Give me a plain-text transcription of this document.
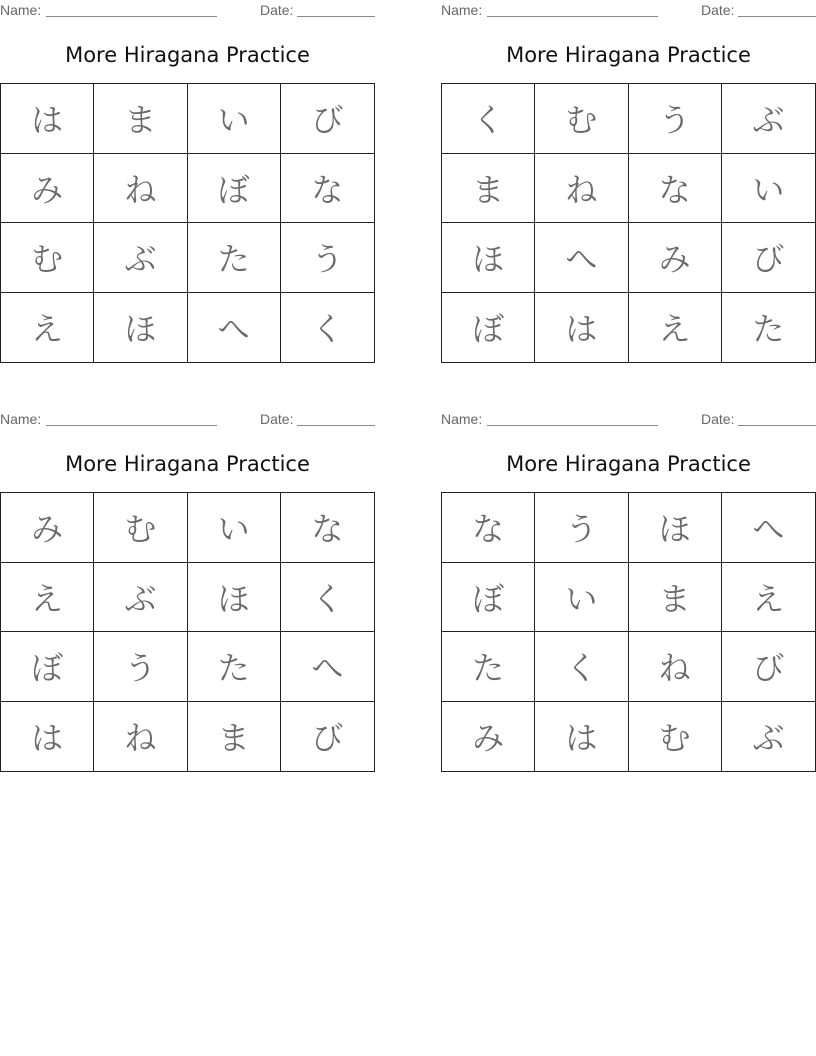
Name:	Date:
More Hiragana Practice
は	ま	い	び
み	ね	ぼ	な
む	ぶ	た	う
え	ほ	へ	く
Name:	Date:
More Hiragana Practice
く	む	う	ぶ
ま	ね	な	い
ほ	へ	み	び
ぼ	は	え	た
Name:	Date:
More Hiragana Practice
み	む	い	な
え	ぶ	ほ	く
ぼ	う	た	へ
は	ね	ま	び
Name:	Date:
More Hiragana Practice
な	う	ほ	へ
ぼ	い	ま	え
た	く	ね	び
み	は	む	ぶ
